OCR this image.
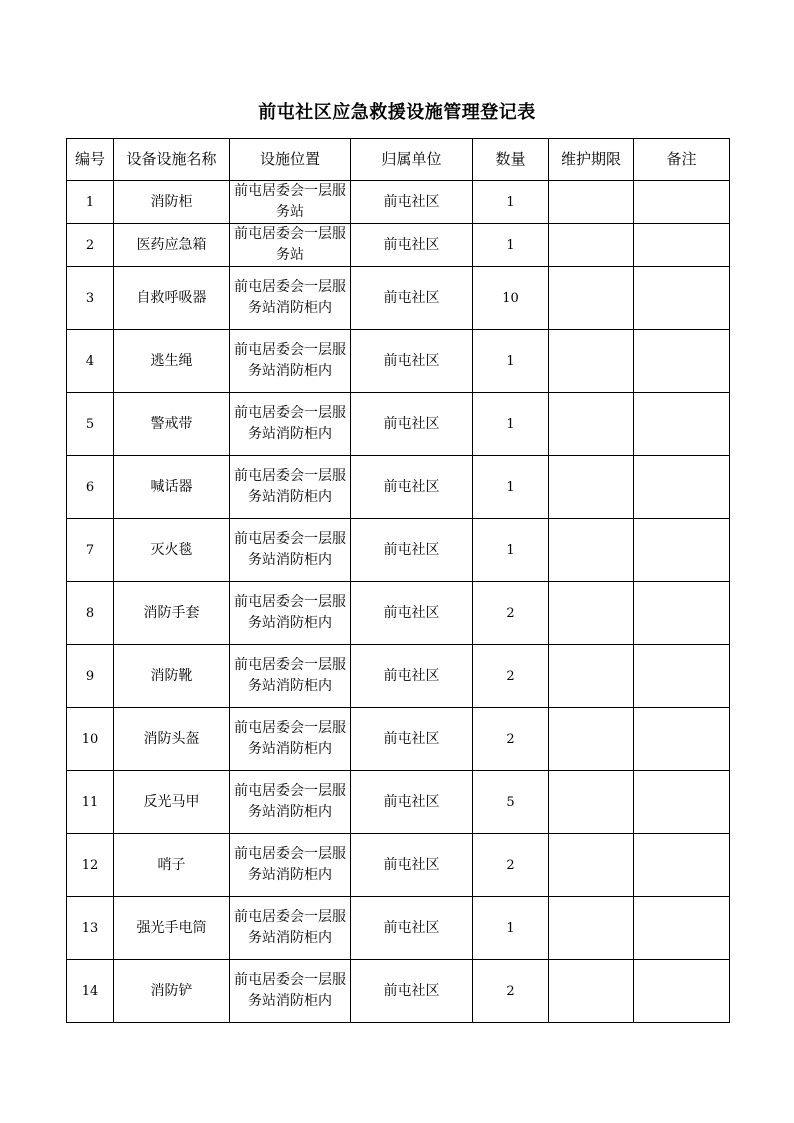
前屯社区应急救援设施管理登记表
编号	设备设施名称	设施位置	归属单位	数量	维护期限	备注
1	消防柜	前屯居委会一层服务站	前屯社区	1		
2	医药应急箱	前屯居委会一层服务站	前屯社区	1		
3	自救呼吸器	前屯居委会一层服务站消防柜内	前屯社区	10		
4	逃生绳	前屯居委会一层服务站消防柜内	前屯社区	1		
5	警戒带	前屯居委会一层服务站消防柜内	前屯社区	1		
6	喊话器	前屯居委会一层服务站消防柜内	前屯社区	1		
7	灭火毯	前屯居委会一层服务站消防柜内	前屯社区	1		
8	消防手套	前屯居委会一层服务站消防柜内	前屯社区	2		
9	消防靴	前屯居委会一层服务站消防柜内	前屯社区	2		
10	消防头盔	前屯居委会一层服务站消防柜内	前屯社区	2		
11	反光马甲	前屯居委会一层服务站消防柜内	前屯社区	5		
12	哨子	前屯居委会一层服务站消防柜内	前屯社区	2		
13	强光手电筒	前屯居委会一层服务站消防柜内	前屯社区	1		
14	消防铲	前屯居委会一层服务站消防柜内	前屯社区	2		
